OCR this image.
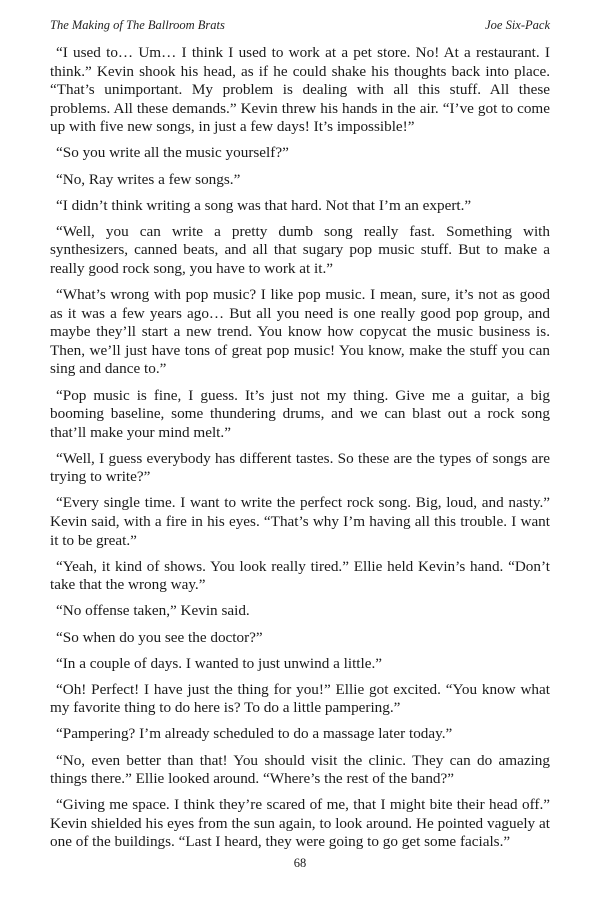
The Making of The Ballroom Brats	Joe Six-Pack

“I used to… Um… I think I used to work at a pet store. No! At a restaurant. I think.” Kevin shook his head, as if he could shake his thoughts back into place. “That’s unimportant. My problem is dealing with all this stuff. All these problems. All these demands.” Kevin threw his hands in the air. “I’ve got to come up with five new songs, in just a few days! It’s impossible!”

“So you write all the music yourself?”

“No, Ray writes a few songs.”

“I didn’t think writing a song was that hard. Not that I’m an expert.”

“Well, you can write a pretty dumb song really fast. Something with synthesizers, canned beats, and all that sugary pop music stuff. But to make a really good rock song, you have to work at it.”

“What’s wrong with pop music? I like pop music. I mean, sure, it’s not as good as it was a few years ago… But all you need is one really good pop group, and maybe they’ll start a new trend. You know how copycat the music business is. Then, we’ll just have tons of great pop music! You know, make the stuff you can sing and dance to.”

“Pop music is fine, I guess. It’s just not my thing. Give me a guitar, a big booming baseline, some thundering drums, and we can blast out a rock song that’ll make your mind melt.”

“Well, I guess everybody has different tastes. So these are the types of songs are trying to write?”

“Every single time. I want to write the perfect rock song. Big, loud, and nasty.” Kevin said, with a fire in his eyes. “That’s why I’m having all this trouble. I want it to be great.”

“Yeah, it kind of shows. You look really tired.” Ellie held Kevin’s hand. “Don’t take that the wrong way.”

“No offense taken,” Kevin said.

“So when do you see the doctor?”

“In a couple of days. I wanted to just unwind a little.”

“Oh! Perfect! I have just the thing for you!” Ellie got excited. “You know what my favorite thing to do here is? To do a little pampering.”

“Pampering? I’m already scheduled to do a massage later today.”

“No, even better than that! You should visit the clinic. They can do amazing things there.” Ellie looked around. “Where’s the rest of the band?”

“Giving me space. I think they’re scared of me, that I might bite their head off.” Kevin shielded his eyes from the sun again, to look around. He pointed vaguely at one of the buildings. “Last I heard, they were going to go get some facials.”

68
